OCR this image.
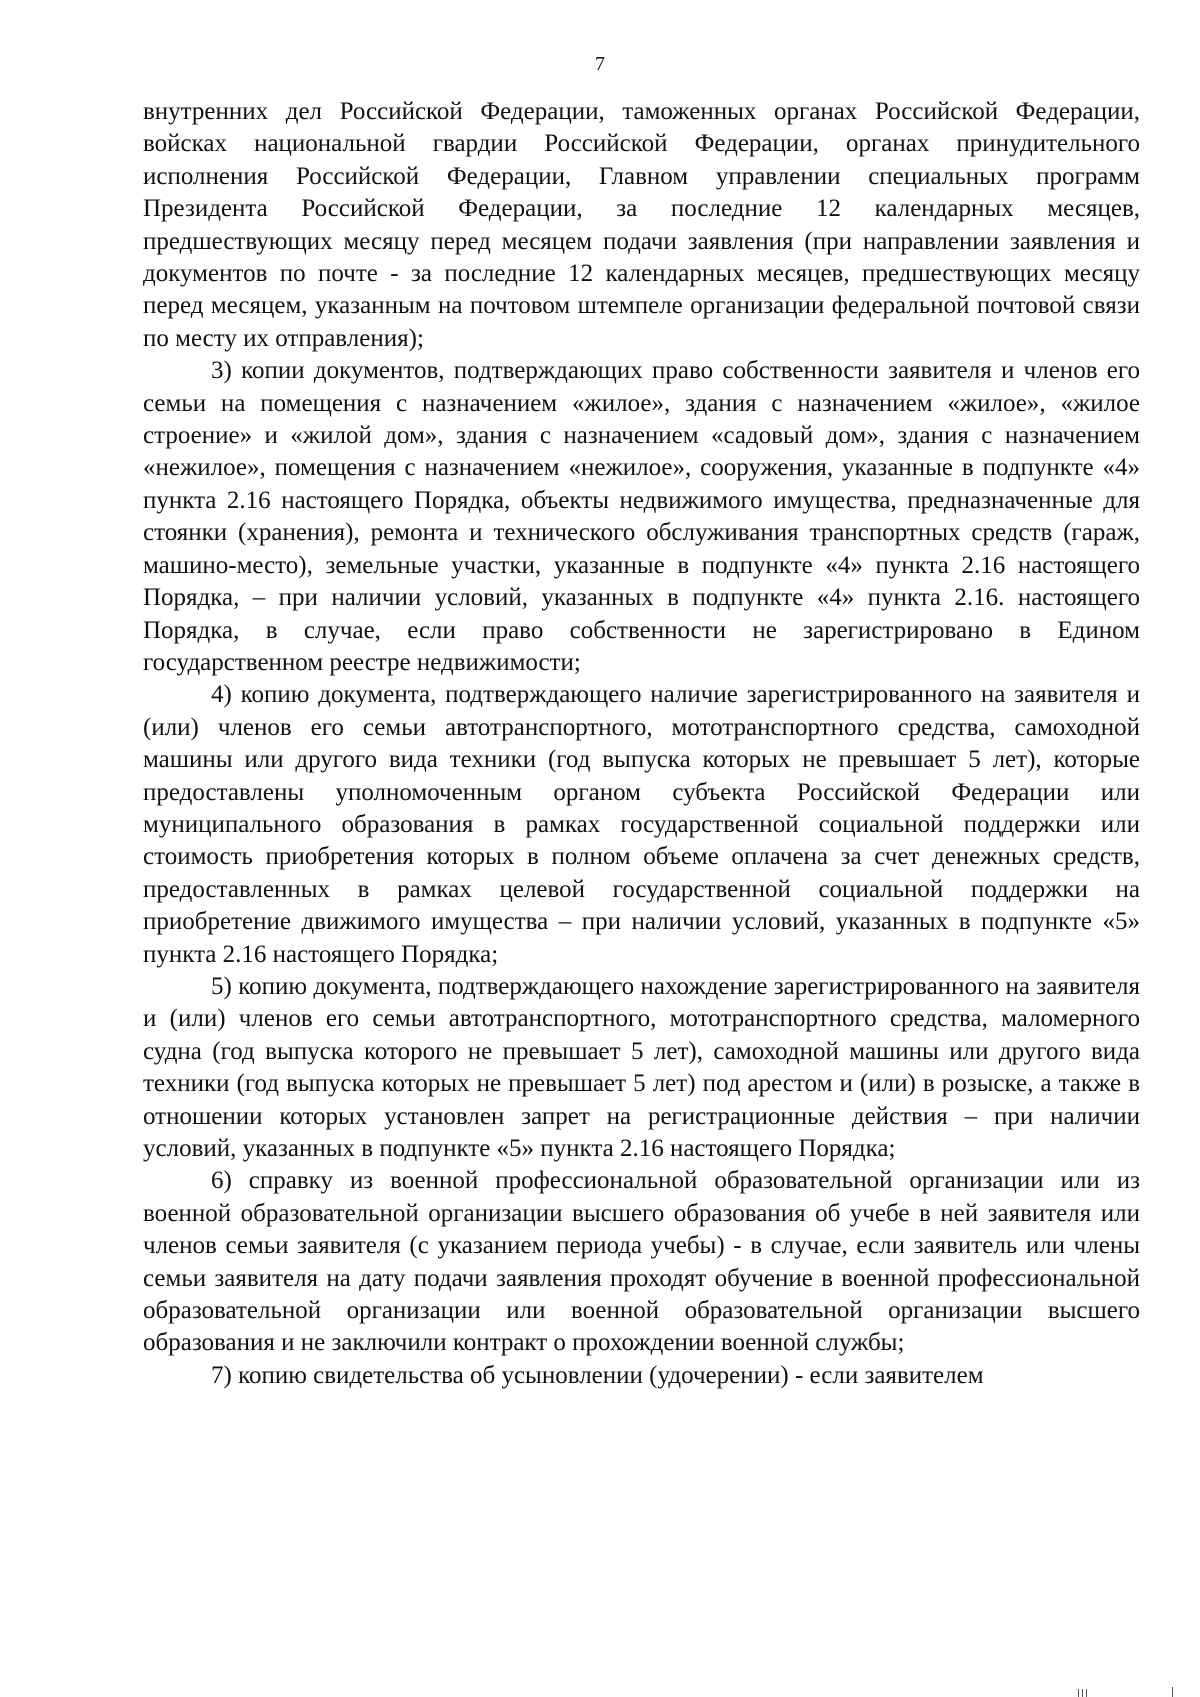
7

внутренних дел Российской Федерации, таможенных органах Российской Федерации, войсках национальной гвардии Российской Федерации, органах принудительного исполнения Российской Федерации, Главном управлении специальных программ Президента Российской Федерации, за последние 12 календарных месяцев, предшествующих месяцу перед месяцем подачи заявления (при направлении заявления и документов по почте - за последние 12 календарных месяцев, предшествующих месяцу перед месяцем, указанным на почтовом штемпеле организации федеральной почтовой связи по месту их отправления);

3) копии документов, подтверждающих право собственности заявителя и членов его семьи на помещения с назначением «жилое», здания с назначением «жилое», «жилое строение» и «жилой дом», здания с назначением «садовый дом», здания с назначением «нежилое», помещения с назначением «нежилое», сооружения, указанные в подпункте «4» пункта 2.16 настоящего Порядка, объекты недвижимого имущества, предназначенные для стоянки (хранения), ремонта и технического обслуживания транспортных средств (гараж, машино-место), земельные участки, указанные в подпункте «4» пункта 2.16 настоящего Порядка, – при наличии условий, указанных в подпункте «4» пункта 2.16. настоящего Порядка, в случае, если право собственности не зарегистрировано в Едином государственном реестре недвижимости;

4) копию документа, подтверждающего наличие зарегистрированного на заявителя и (или) членов его семьи автотранспортного, мототранспортного средства, самоходной машины или другого вида техники (год выпуска которых не превышает 5 лет), которые предоставлены уполномоченным органом субъекта Российской Федерации или муниципального образования в рамках государственной социальной поддержки или стоимость приобретения которых в полном объеме оплачена за счет денежных средств, предоставленных в рамках целевой государственной социальной поддержки на приобретение движимого имущества – при наличии условий, указанных в подпункте «5» пункта 2.16 настоящего Порядка;

5) копию документа, подтверждающего нахождение зарегистрированного на заявителя и (или) членов его семьи автотранспортного, мототранспортного средства, маломерного судна (год выпуска которого не превышает 5 лет), самоходной машины или другого вида техники (год выпуска которых не превышает 5 лет) под арестом и (или) в розыске, а также в отношении которых установлен запрет на регистрационные действия – при наличии условий, указанных в подпункте «5» пункта 2.16 настоящего Порядка;

6) справку из военной профессиональной образовательной организации или из военной образовательной организации высшего образования об учебе в ней заявителя или членов семьи заявителя (с указанием периода учебы) - в случае, если заявитель или члены семьи заявителя на дату подачи заявления проходят обучение в военной профессиональной образовательной организации или военной образовательной организации высшего образования и не заключили контракт о прохождении военной службы;

7) копию свидетельства об усыновлении (удочерении) - если заявителем
